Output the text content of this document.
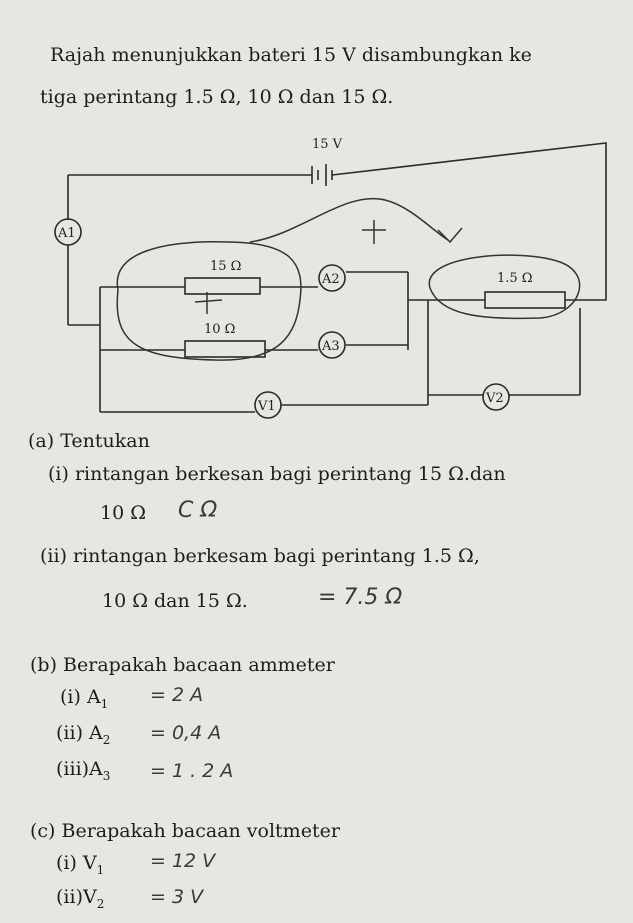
Rajah menunjukkan bateri 15 V disambungkan ke
tiga perintang 1.5 Ω, 10 Ω dan 15 Ω.
15 V
A1
15 Ω
A2
10 Ω
A3
1.5 Ω
V1
V2
(a) Tentukan
(i) rintangan berkesan bagi perintang 15 Ω.dan
10 Ω C Ω
(ii) rintangan berkesam bagi perintang 1.5 Ω,
10 Ω dan 15 Ω.	= 7.5 Ω
(b) Berapakah bacaan ammeter
(i) $A_1 = 2$ A
(ii) $A_2 = 0,4$ A
$(iii)A_3 = 1$ . 2 A
(c) Berapakah bacaan voltmeter
(i) $V_1 = 12$ V
$(ii)V_2 = 3$ V
